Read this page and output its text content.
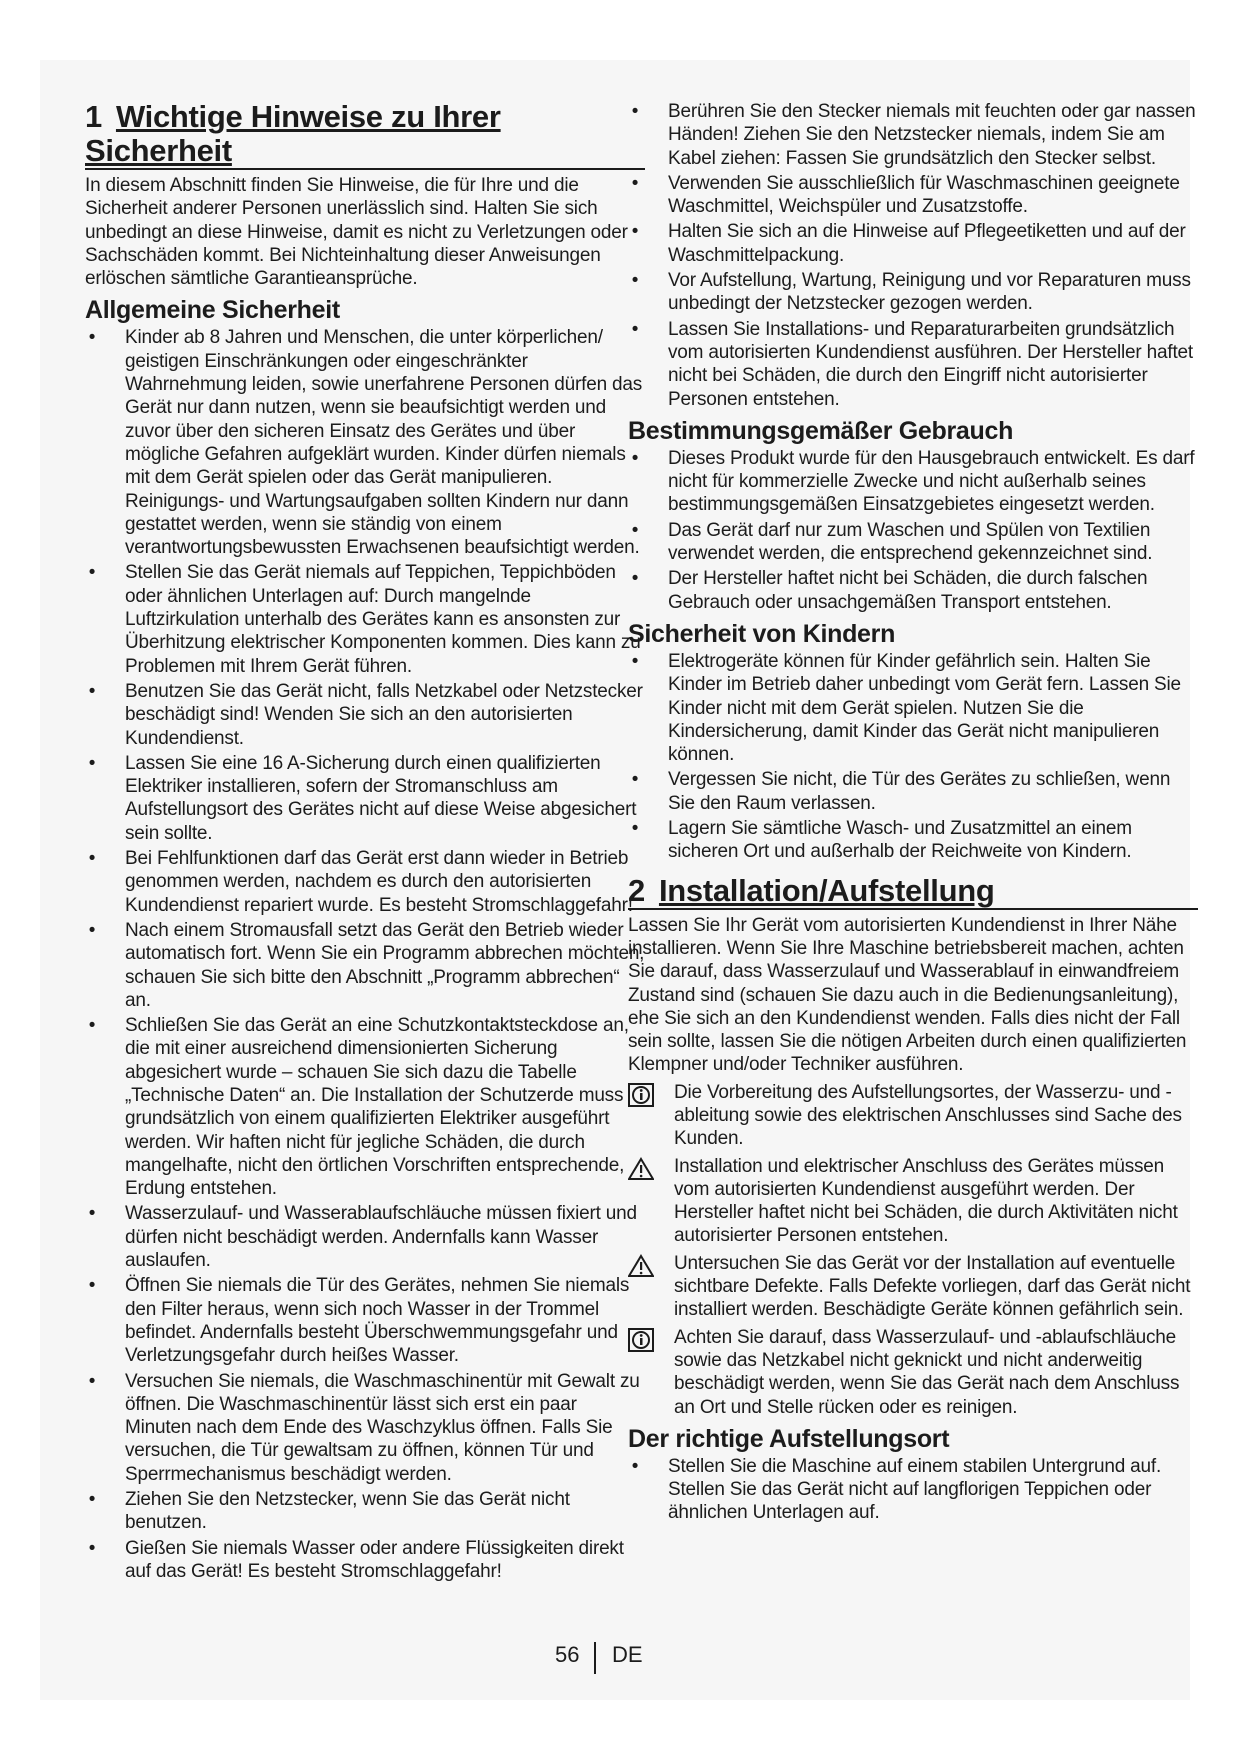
1 Wichtige Hinweise zu Ihrer Sicherheit

In diesem Abschnitt finden Sie Hinweise, die für Ihre und die Sicherheit anderer Personen unerlässlich sind. Halten Sie sich unbedingt an diese Hinweise, damit es nicht zu Verletzungen oder Sachschäden kommt. Bei Nichteinhaltung dieser Anweisungen erlöschen sämtliche Garantieansprüche.

Allgemeine Sicherheit
• Kinder ab 8 Jahren und Menschen, die unter körperlichen/ geistigen Einschränkungen oder eingeschränkter Wahrnehmung leiden, sowie unerfahrene Personen dürfen das Gerät nur dann nutzen, wenn sie beaufsichtigt werden und zuvor über den sicheren Einsatz des Gerätes und über mögliche Gefahren aufgeklärt wurden. Kinder dürfen niemals mit dem Gerät spielen oder das Gerät manipulieren. Reinigungs- und Wartungsaufgaben sollten Kindern nur dann gestattet werden, wenn sie ständig von einem verantwortungsbewussten Erwachsenen beaufsichtigt werden.
• Stellen Sie das Gerät niemals auf Teppichen, Teppichböden oder ähnlichen Unterlagen auf: Durch mangelnde Luftzirkulation unterhalb des Gerätes kann es ansonsten zur Überhitzung elektrischer Komponenten kommen. Dies kann zu Problemen mit Ihrem Gerät führen.
• Benutzen Sie das Gerät nicht, falls Netzkabel oder Netzstecker beschädigt sind! Wenden Sie sich an den autorisierten Kundendienst.
• Lassen Sie eine 16 A-Sicherung durch einen qualifizierten Elektriker installieren, sofern der Stromanschluss am Aufstellungsort des Gerätes nicht auf diese Weise abgesichert sein sollte.
• Bei Fehlfunktionen darf das Gerät erst dann wieder in Betrieb genommen werden, nachdem es durch den autorisierten Kundendienst repariert wurde. Es besteht Stromschlaggefahr!
• Nach einem Stromausfall setzt das Gerät den Betrieb wieder automatisch fort. Wenn Sie ein Programm abbrechen möchten, schauen Sie sich bitte den Abschnitt „Programm abbrechen“ an.
• Schließen Sie das Gerät an eine Schutzkontaktsteckdose an, die mit einer ausreichend dimensionierten Sicherung abgesichert wurde – schauen Sie sich dazu die Tabelle „Technische Daten“ an. Die Installation der Schutzerde muss grundsätzlich von einem qualifizierten Elektriker ausgeführt werden. Wir haften nicht für jegliche Schäden, die durch mangelhafte, nicht den örtlichen Vorschriften entsprechende, Erdung entstehen.
• Wasserzulauf- und Wasserablaufschläuche müssen fixiert und dürfen nicht beschädigt werden. Andernfalls kann Wasser auslaufen.
• Öffnen Sie niemals die Tür des Gerätes, nehmen Sie niemals den Filter heraus, wenn sich noch Wasser in der Trommel befindet. Andernfalls besteht Überschwemmungsgefahr und Verletzungsgefahr durch heißes Wasser.
• Versuchen Sie niemals, die Waschmaschinentür mit Gewalt zu öffnen. Die Waschmaschinentür lässt sich erst ein paar Minuten nach dem Ende des Waschzyklus öffnen. Falls Sie versuchen, die Tür gewaltsam zu öffnen, können Tür und Sperrmechanismus beschädigt werden.
• Ziehen Sie den Netzstecker, wenn Sie das Gerät nicht benutzen.
• Gießen Sie niemals Wasser oder andere Flüssigkeiten direkt auf das Gerät! Es besteht Stromschlaggefahr!
• Berühren Sie den Stecker niemals mit feuchten oder gar nassen Händen! Ziehen Sie den Netzstecker niemals, indem Sie am Kabel ziehen: Fassen Sie grundsätzlich den Stecker selbst.
• Verwenden Sie ausschließlich für Waschmaschinen geeignete Waschmittel, Weichspüler und Zusatzstoffe.
• Halten Sie sich an die Hinweise auf Pflegeetiketten und auf der Waschmittelpackung.
• Vor Aufstellung, Wartung, Reinigung und vor Reparaturen muss unbedingt der Netzstecker gezogen werden.
• Lassen Sie Installations- und Reparaturarbeiten grundsätzlich vom autorisierten Kundendienst ausführen. Der Hersteller haftet nicht bei Schäden, die durch den Eingriff nicht autorisierter Personen entstehen.
Bestimmungsgemäßer Gebrauch
• Dieses Produkt wurde für den Hausgebrauch entwickelt. Es darf nicht für kommerzielle Zwecke und nicht außerhalb seines bestimmungsgemäßen Einsatzgebietes eingesetzt werden.
• Das Gerät darf nur zum Waschen und Spülen von Textilien verwendet werden, die entsprechend gekennzeichnet sind.
• Der Hersteller haftet nicht bei Schäden, die durch falschen Gebrauch oder unsachgemäßen Transport entstehen.
Sicherheit von Kindern
• Elektrogeräte können für Kinder gefährlich sein. Halten Sie Kinder im Betrieb daher unbedingt vom Gerät fern. Lassen Sie Kinder nicht mit dem Gerät spielen. Nutzen Sie die Kindersicherung, damit Kinder das Gerät nicht manipulieren können.
• Vergessen Sie nicht, die Tür des Gerätes zu schließen, wenn Sie den Raum verlassen.
• Lagern Sie sämtliche Wasch- und Zusatzmittel an einem sicheren Ort und außerhalb der Reichweite von Kindern.
2 Installation/Aufstellung

Lassen Sie Ihr Gerät vom autorisierten Kundendienst in Ihrer Nähe installieren. Wenn Sie Ihre Maschine betriebsbereit machen, achten Sie darauf, dass Wasserzulauf und Wasserablauf in einwandfreiem Zustand sind (schauen Sie dazu auch in die Bedienungsanleitung), ehe Sie sich an den Kundendienst wenden. Falls dies nicht der Fall sein sollte, lassen Sie die nötigen Arbeiten durch einen qualifizierten Klempner und/oder Techniker ausführen.

Die Vorbereitung des Aufstellungsortes, der Wasserzu- und -ableitung sowie des elektrischen Anschlusses sind Sache des Kunden.
Installation und elektrischer Anschluss des Gerätes müssen vom autorisierten Kundendienst ausgeführt werden. Der Hersteller haftet nicht bei Schäden, die durch Aktivitäten nicht autorisierter Personen entstehen.
Untersuchen Sie das Gerät vor der Installation auf eventuelle sichtbare Defekte. Falls Defekte vorliegen, darf das Gerät nicht installiert werden. Beschädigte Geräte können gefährlich sein.
Achten Sie darauf, dass Wasserzulauf- und -ablaufschläuche sowie das Netzkabel nicht geknickt und nicht anderweitig beschädigt werden, wenn Sie das Gerät nach dem Anschluss an Ort und Stelle rücken oder es reinigen.
Der richtige Aufstellungsort
• Stellen Sie die Maschine auf einem stabilen Untergrund auf. Stellen Sie das Gerät nicht auf langflorigen Teppichen oder ähnlichen Unterlagen auf.
56 DE
